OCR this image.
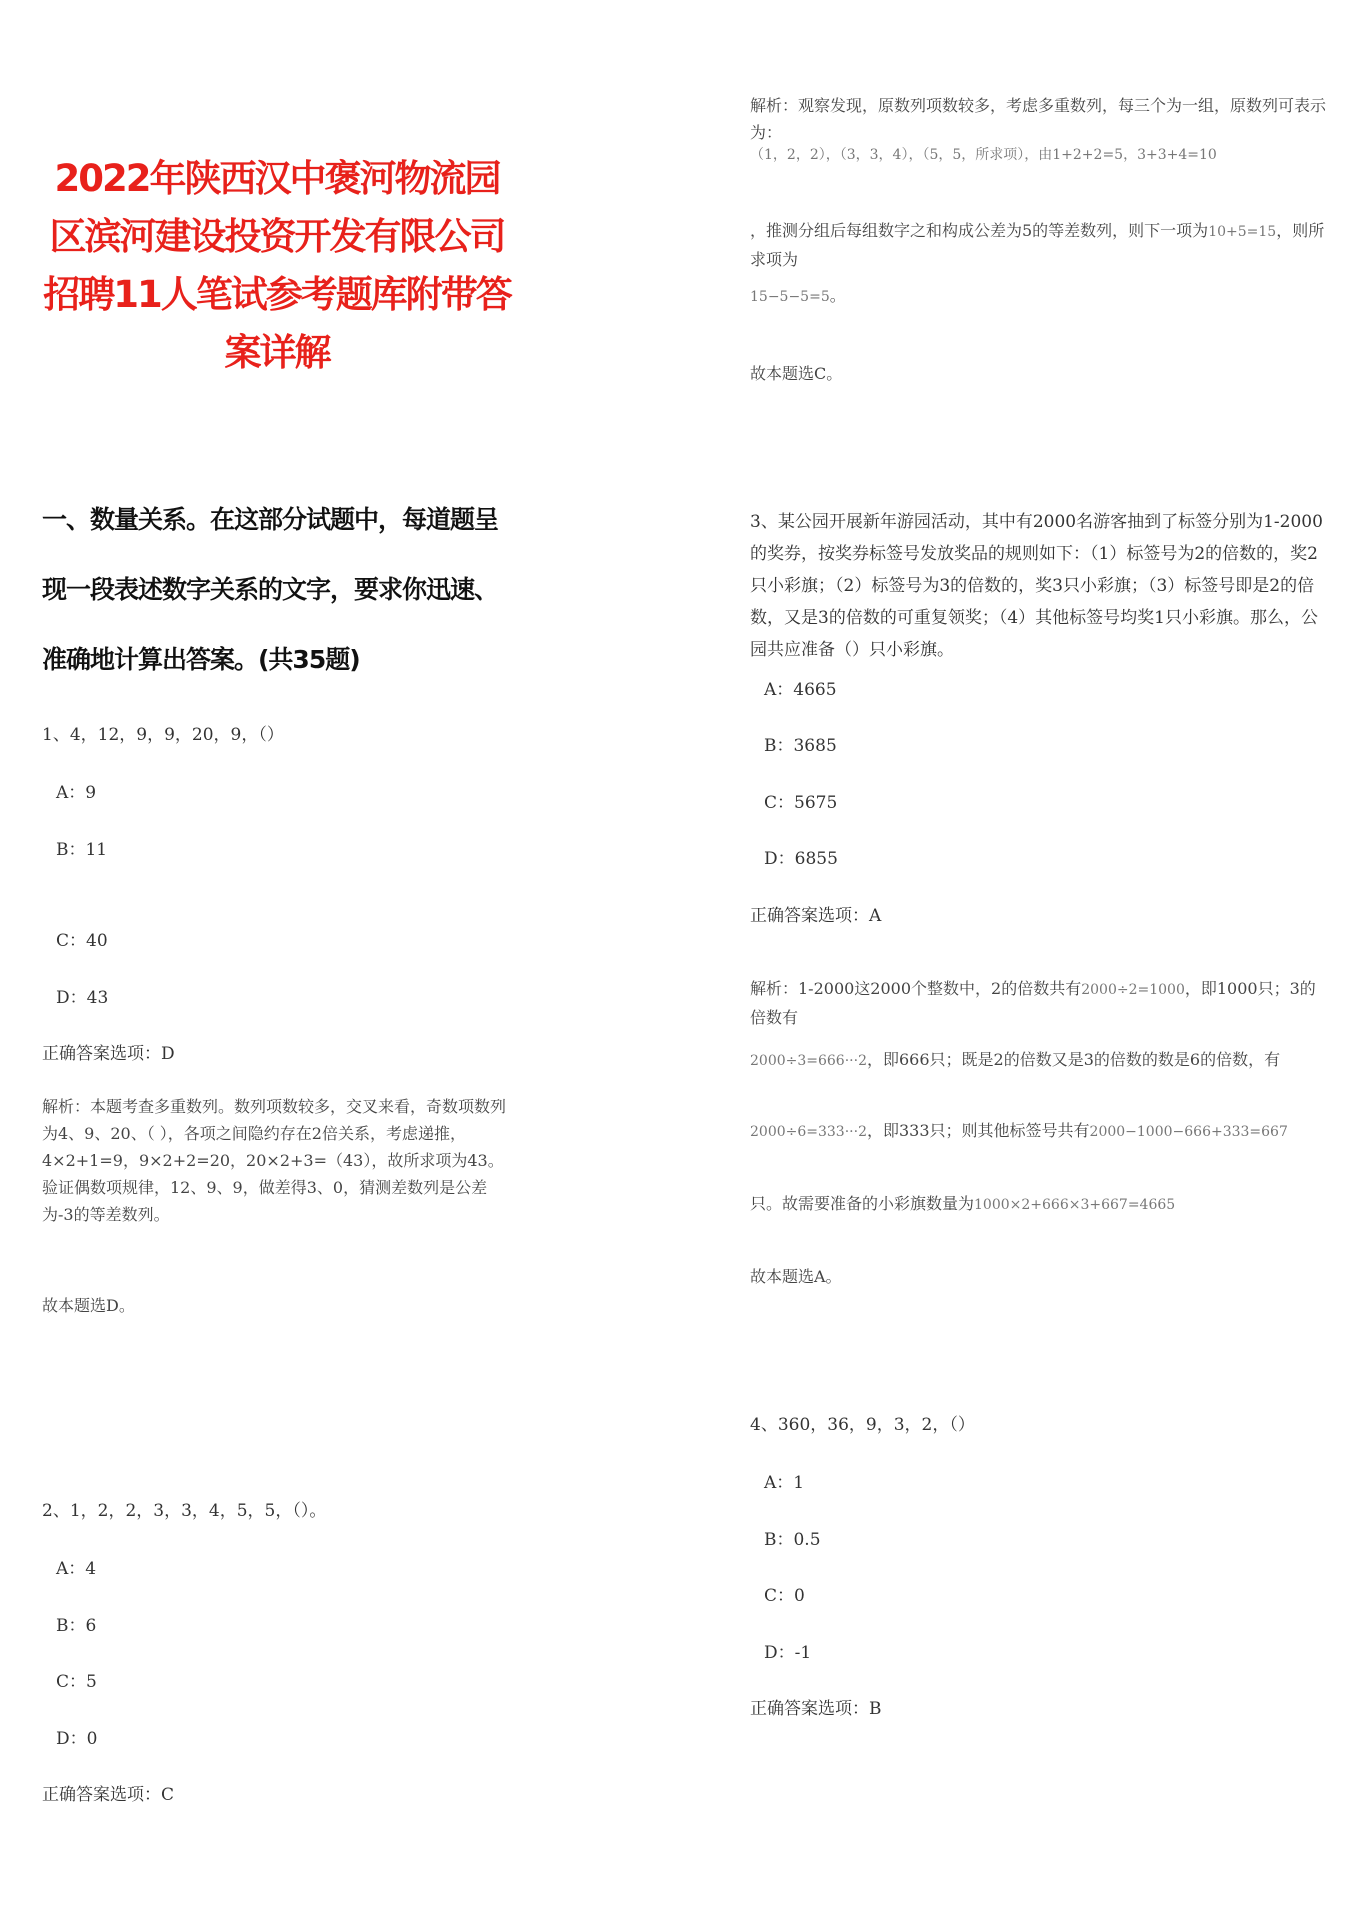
2022年陕西汉中褒河物流园区滨河建设投资开发有限公司招聘11人笔试参考题库附带答案详解
一、数量关系。在这部分试题中，每道题呈现一段表述数字关系的文字，要求你迅速、准确地计算出答案。(共35题)
1、4，12，9，9，20，9，（）
A：9
B：11
C：40
D：43
正确答案选项：D
解析：本题考查多重数列。数列项数较多，交叉来看，奇数项数列为4、9、20、（ ），各项之间隐约存在2倍关系，考虑递推，4×2+1=9，9×2+2=20，20×2+3=（43），故所求项为43。验证偶数项规律，12、9、9，做差得3、0，猜测差数列是公差为-3的等差数列。
故本题选D。
2、1，2，2，3，3，4，5，5，（）。
A：4
B：6
C：5
D：0
正确答案选项：C
解析：观察发现，原数列项数较多，考虑多重数列，每三个为一组，原数列可表示为：
（1，2，2），（3，3，4），（5，5，所求项），由1+2+2=5，3+3+4=10
，推测分组后每组数字之和构成公差为5的等差数列，则下一项为10+5=15，则所求项为
15−5−5=5。
故本题选C。
3、某公园开展新年游园活动，其中有2000名游客抽到了标签分别为1-2000的奖券，按奖券标签号发放奖品的规则如下：（1）标签号为2的倍数的，奖2只小彩旗；（2）标签号为3的倍数的，奖3只小彩旗；（3）标签号即是2的倍数，又是3的倍数的可重复领奖；（4）其他标签号均奖1只小彩旗。那么，公园共应准备（）只小彩旗。
A：4665
B：3685
C：5675
D：6855
正确答案选项：A
解析：1-2000这2000个整数中，2的倍数共有2000÷2=1000，即1000只；3的倍数有
2000÷3=666···2，即666只；既是2的倍数又是3的倍数的数是6的倍数，有
2000÷6=333···2，即333只；则其他标签号共有2000−1000−666+333=667
只。故需要准备的小彩旗数量为1000×2+666×3+667=4665
故本题选A。
4、360，36，9，3，2，（）
A：1
B：0.5
C：0
D：-1
正确答案选项：B
